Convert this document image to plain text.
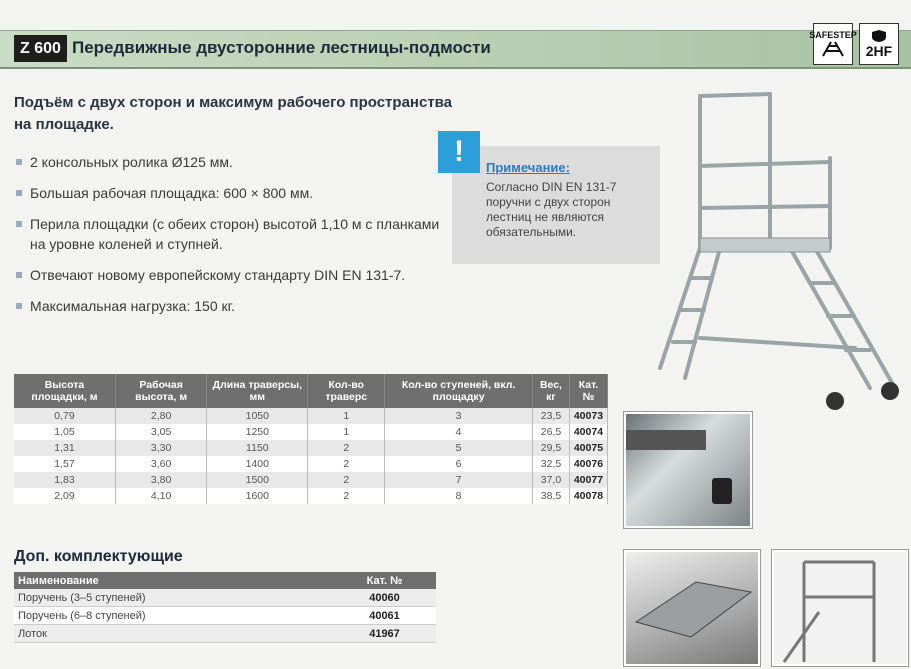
Z 600 Передвижные двусторонние лестницы-подмости
SAFESTEP
2HF
Подъём с двух сторон и максимум рабочего пространства на площадке.
2 консольных ролика Ø125 мм.
Большая рабочая площадка: 600 × 800 мм.
Перила площадки (с обеих сторон) высотой 1,10 м с планками на уровне коленей и ступней.
Отвечают новому европейскому стандарту DIN EN 131-7.
Максимальная нагрузка: 150 кг.
Примечание:
Согласно DIN EN 131-7 поручни с двух сторон лестниц не являются обязательными.
!
Высота площадки, м	Рабочая высота, м	Длина траверсы, мм	Кол-во траверс	Кол-во ступеней, вкл. площадку	Вес, кг	Кат. №
0,79	2,80	1050	1	3	23,5	40073
1,05	3,05	1250	1	4	26,5	40074
1,31	3,30	1150	2	5	29,5	40075
1,57	3,60	1400	2	6	32,5	40076
1,83	3,80	1500	2	7	37,0	40077
2,09	4,10	1600	2	8	38,5	40078
Доп. комплектующие
Наименование	Кат. №
Поручень (3–5 ступеней)	40060
Поручень (6–8 ступеней)	40061
Лоток	41967
